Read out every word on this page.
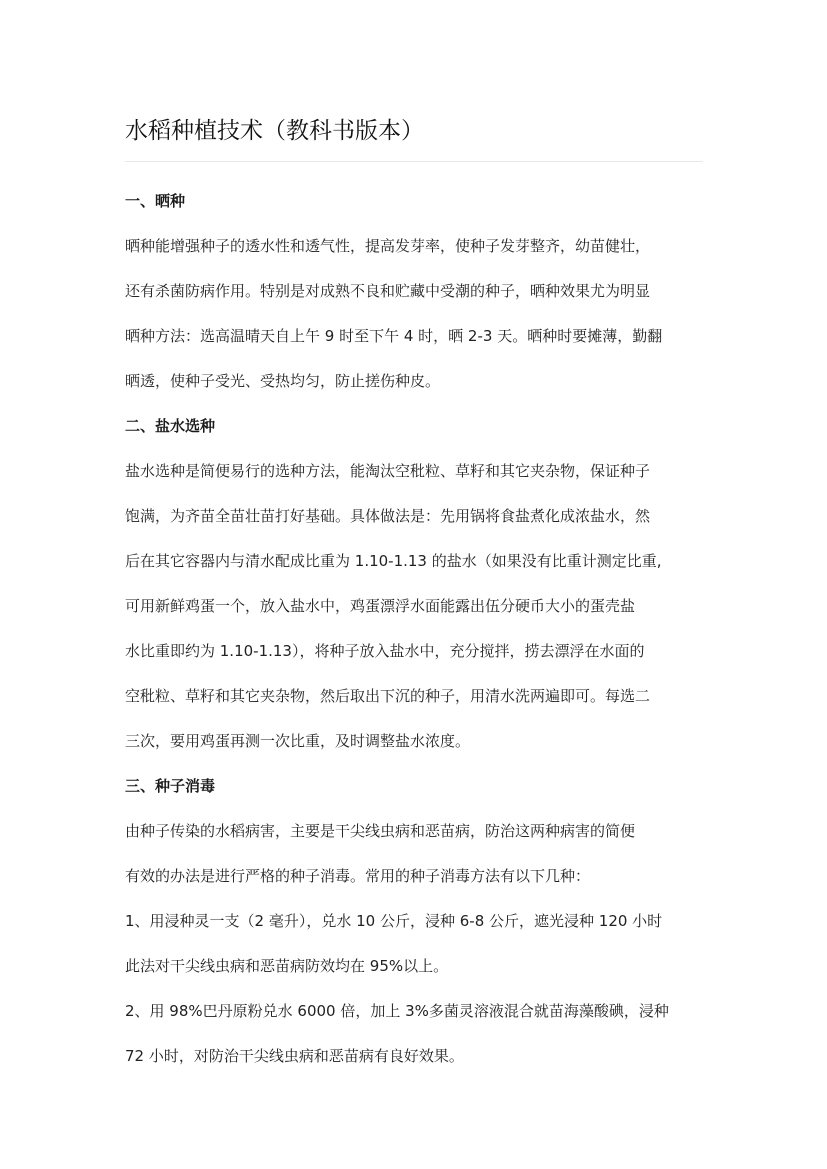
水稻种植技术（教科书版本）
一、晒种
晒种能增强种子的透水性和透气性，提高发芽率，使种子发芽整齐，幼苗健壮，
还有杀菌防病作用。特别是对成熟不良和贮藏中受潮的种子，晒种效果尤为明显
晒种方法：选高温晴天自上午 9 时至下午 4 时，晒 2-3 天。晒种时要摊薄，勤翻
晒透，使种子受光、受热均匀，防止搓伤种皮。
二、盐水选种
盐水选种是简便易行的选种方法，能淘汰空秕粒、草籽和其它夹杂物，保证种子
饱满，为齐苗全苗壮苗打好基础。具体做法是：先用锅将食盐煮化成浓盐水，然
后在其它容器内与清水配成比重为 1.10-1.13 的盐水（如果没有比重计测定比重,
可用新鲜鸡蛋一个，放入盐水中，鸡蛋漂浮水面能露出伍分硬币大小的蛋壳盐
水比重即约为 1.10-1.13），将种子放入盐水中，充分搅拌，捞去漂浮在水面的
空秕粒、草籽和其它夹杂物，然后取出下沉的种子，用清水洗两遍即可。每选二
三次，要用鸡蛋再测一次比重，及时调整盐水浓度。
三、种子消毒
由种子传染的水稻病害，主要是干尖线虫病和恶苗病，防治这两种病害的简便
有效的办法是进行严格的种子消毒。常用的种子消毒方法有以下几种：
1、用浸种灵一支（2 毫升），兑水 10 公斤，浸种 6-8 公斤，遮光浸种 120 小时
此法对干尖线虫病和恶苗病防效均在 95%以上。
2、用 98%巴丹原粉兑水 6000 倍，加上 3%多菌灵溶液混合就苗海藻酸碘，浸种
72 小时，对防治干尖线虫病和恶苗病有良好效果。
